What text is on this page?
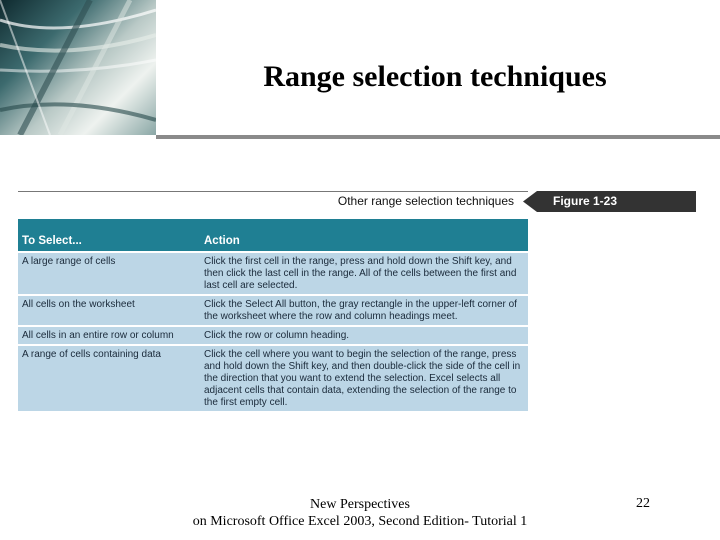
Range selection techniques
Other range selection techniques	Figure 1-23
To Select...	Action
A large range of cells	Click the first cell in the range, press and hold down the Shift key, and then click the last cell in the range. All of the cells between the first and last cell are selected.
All cells on the worksheet	Click the Select All button, the gray rectangle in the upper-left corner of the worksheet where the row and column headings meet.
All cells in an entire row or column	Click the row or column heading.
A range of cells containing data	Click the cell where you want to begin the selection of the range, press and hold down the Shift key, and then double-click the side of the cell in the direction that you want to extend the selection. Excel selects all adjacent cells that contain data, extending the selection of the range to the first empty cell.
New Perspectives
on Microsoft Office Excel 2003, Second Edition- Tutorial 1
22
